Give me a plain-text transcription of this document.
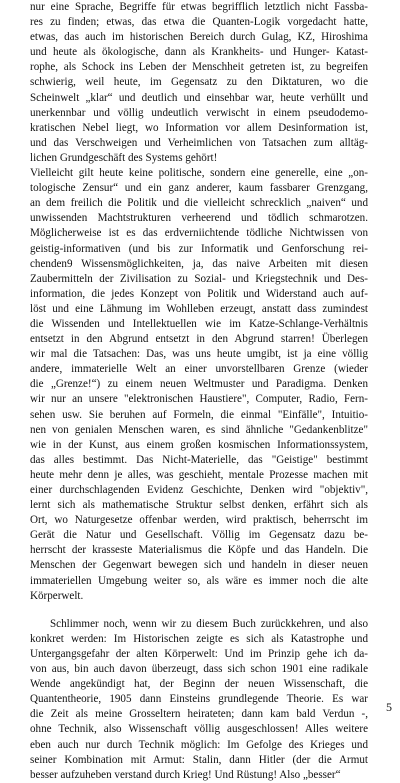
nur eine Sprache, Begriffe für etwas begrifflich letztlich nicht Fassba-
res zu finden; etwas, das etwa die Quanten-Logik vorgedacht hatte,
etwas, das auch im historischen Bereich durch Gulag, KZ, Hiroshima
und heute als ökologische, dann als Krankheits- und Hunger- Katast-
rophe, als Schock ins Leben der Menschheit getreten ist, zu begreifen
schwierig, weil heute, im Gegensatz zu den Diktaturen, wo die
Scheinwelt „klar“ und deutlich und einsehbar war, heute verhüllt und
unerkennbar und völlig undeutlich verwischt in einem pseudodemo-
kratischen Nebel liegt, wo Information vor allem Desinformation ist,
und das Verschweigen und Verheimlichen von Tatsachen zum alltäg-
lichen Grundgeschäft des Systems gehört!
Vielleicht gilt heute keine politische, sondern eine generelle, eine „on-
tologische Zensur“ und ein ganz anderer, kaum fassbarer Grenzgang,
an dem freilich die Politik und die vielleicht schrecklich „naiven“ und
unwissenden Machtstrukturen verheerend und tödlich schmarotzen.
Möglicherweise ist es das erdverniichtende tödliche Nichtwissen von
geistig-informativen (und bis zur Informatik und Genforschung rei-
chenden9 Wissensmöglichkeiten, ja, das naive Arbeiten mit diesen
Zaubermitteln der Zivilisation zu Sozial- und Kriegstechnik und Des-
information, die jedes Konzept von Politik und Widerstand auch auf-
löst und eine Lähmung im Wohlleben erzeugt, anstatt dass zumindest
die Wissenden und Intellektuellen wie im Katze-Schlange-Verhältnis
entsetzt in den Abgrund entsetzt in den Abgrund starren! Überlegen
wir mal die Tatsachen: Das, was uns heute umgibt, ist ja eine völlig
andere, immaterielle Welt an einer unvorstellbaren Grenze (wieder
die „Grenze!“) zu einem neuen Weltmuster und Paradigma. Denken
wir nur an unsere "elektronischen Haustiere", Computer, Radio, Fern-
sehen usw. Sie beruhen auf Formeln, die einmal "Einfälle", Intuitio-
nen von genialen Menschen waren, es sind ähnliche "Gedankenblitze"
wie in der Kunst, aus einem großen kosmischen Informationssystem,
das alles bestimmt. Das Nicht-Materielle, das "Geistige" bestimmt
heute mehr denn je alles, was geschieht, mentale Prozesse machen mit
einer durchschlagenden Evidenz Geschichte, Denken wird "objektiv",
lernt sich als mathematische Struktur selbst denken, erfährt sich als
Ort, wo Naturgesetze offenbar werden, wird praktisch, beherrscht im
Gerät die Natur und Gesellschaft. Völlig im Gegensatz dazu be-
herrscht der krasseste Materialismus die Köpfe und das Handeln. Die
Menschen der Gegenwart bewegen sich und handeln in dieser neuen
immateriellen Umgebung weiter so, als wäre es immer noch die alte
Körperwelt.
Schlimmer noch, wenn wir zu diesem Buch zurückkehren, und also
konkret werden: Im Historischen zeigte es sich als Katastrophe und
Untergangsgefahr der alten Körperwelt: Und im Prinzip gehe ich da-
von aus, bin auch davon überzeugt, dass sich schon 1901 eine radikale
Wende angekündigt hat, der Beginn der neuen Wissenschaft, die
Quantentheorie, 1905 dann Einsteins grundlegende Theorie. Es war
die Zeit als meine Grosseltern heirateten; dann kam bald Verdun -,
ohne Technik, also Wissenschaft völlig ausgeschlossen! Alles weitere
eben auch nur durch Technik möglich: Im Gefolge des Krieges und
seiner Kombination mit Armut: Stalin, dann Hitler (der die Armut
besser aufzuheben verstand durch Krieg! Und Rüstung! Also „besser“
5
